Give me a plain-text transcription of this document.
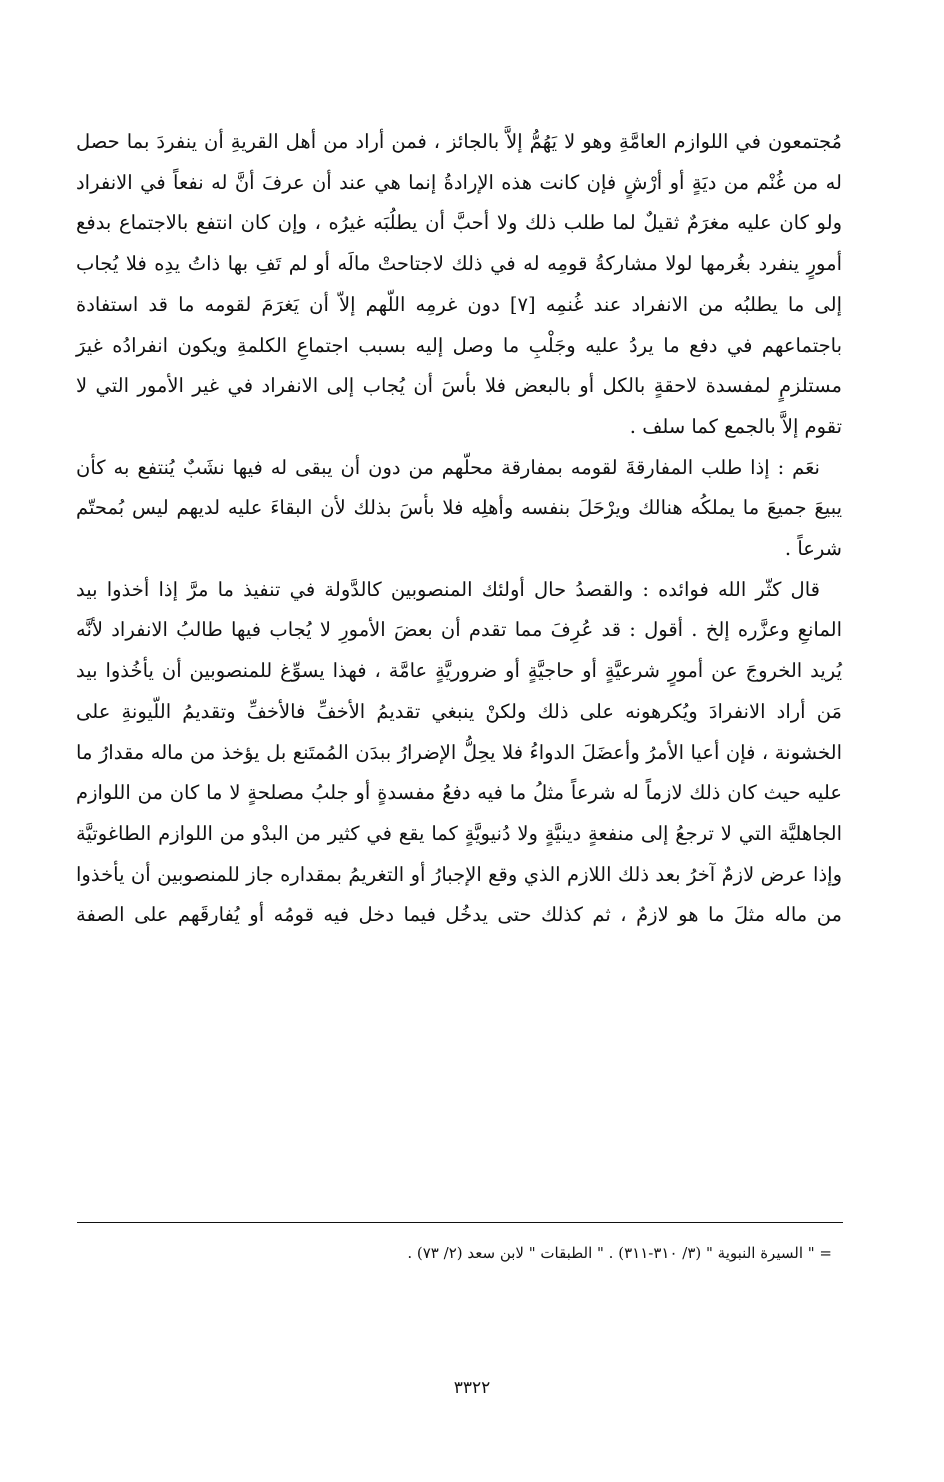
مُجتمعون في اللوازم العامَّةِ وهو لا يَهُمُّ إلاَّ بالجائز ، فمن أراد من أهل القريةِ أن ينفردَ بما حصل له من غُنْم من ديَةٍ أو أرْشٍ فإن كانت هذه الإرادةُ إنما هي عند أن عرفَ أنَّ له نفعاً في الانفراد ولو كان عليه مغرَمٌ ثقيلٌ لما طلب ذلك ولا أحبَّ أن يطلُبَه غيرُه ، وإن كان انتفع بالاجتماع بدفع أمورٍ ينفرد بغُرمها لولا مشاركةُ قومِه له في ذلك لاجتاحتْ مالَه أو لم تَفِ بها ذاتُ يدِه فلا يُجاب إلى ما يطلبُه من الانفراد عند غُنمِه [٧] دون غرمِه اللّهم إلاّ أن يَغرَمَ لقومه ما قد استفادة باجتماعهم في دفع ما يردُ عليه وجَلْبِ ما وصل إليه بسبب اجتماعِ الكلمةِ ويكون انفرادُه غيرَ مستلزمٍ لمفسدة لاحقةٍ بالكل أو بالبعض فلا بأسَ أن يُجاب إلى الانفراد في غير الأمور التي لا تقوم إلاَّ بالجمع كما سلف .

نعَم : إذا طلب المفارقةَ لقومه بمفارقة محلّهم من دون أن يبقى له فيها نشَبٌ يُنتفع به كأن يبيعَ جميعَ ما يملكُه هنالك ويرْحَلَ بنفسه وأهلِه فلا بأسَ بذلك لأن البقاءَ عليه لديهم ليس بُمحتّم شرعاً .

قال كثّر الله فوائده : والقصدُ حال أولئك المنصوبين كالدَّولة في تنفيذ ما مرَّ إذا أخذوا بيد المانعِ وعزَّره إلخ . أقول : قد عُرِفَ مما تقدم أن بعضَ الأمورِ لا يُجاب فيها طالبُ الانفراد لأنَّه يُريد الخروجَ عن أمورٍ شرعيَّةٍ أو حاجيَّةٍ أو ضروريَّةٍ عامَّة ، فهذا يسوِّغ للمنصوبين أن يأخُذوا بيد مَن أراد الانفرادَ ويُكرهونه على ذلك ولكنْ ينبغي تقديمُ الأخفِّ فالأخفِّ وتقديمُ اللّيونةِ على الخشونة ، فإن أعيا الأمرُ وأعضَلَ الدواءُ فلا يحِلُّ الإضرارُ ببدَن المُمتَنع بل يؤخذ من ماله مقدارُ ما عليه حيث كان ذلك لازماً له شرعاً مثلُ ما فيه دفعُ مفسدةٍ أو جلبُ مصلحةٍ لا ما كان من اللوازم الجاهليَّة التي لا ترجعُ إلى منفعةٍ دينيَّةٍ ولا دُنيويَّةٍ كما يقع في كثير من البدْو من اللوازم الطاغوتيَّة وإذا عرض لازمٌ آخرُ بعد ذلك اللازم الذي وقع الإجبارُ أو التغريمُ بمقداره جاز للمنصوبين أن يأخذوا من ماله مثلَ ما هو لازمٌ ، ثم كذلك حتى يدخُل فيما دخل فيه قومُه أو يُفارقَهم على الصفة

= " السيرة النبوية " (٣/ ٣١٠-٣١١) . " الطبقات " لابن سعد (٢/ ٧٣) .

٣٣٢٢
